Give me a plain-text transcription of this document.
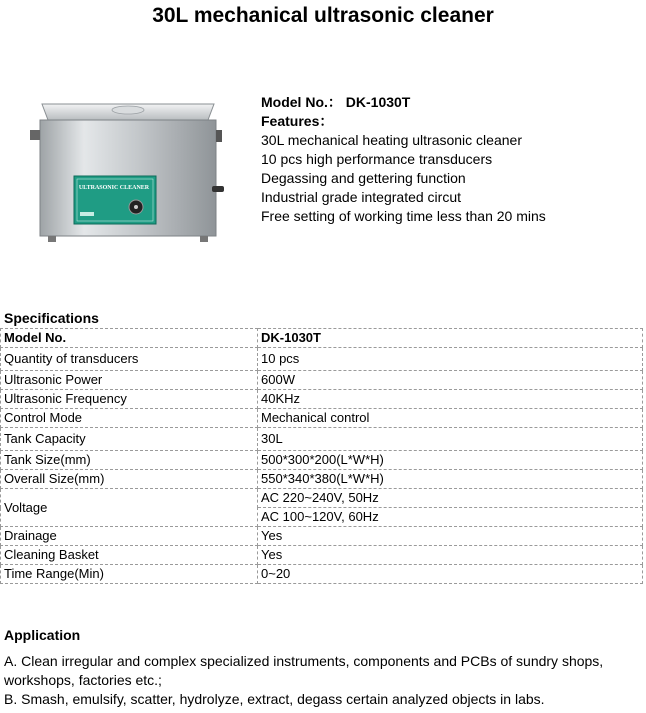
30L mechanical ultrasonic cleaner
ULTRASONIC CLEANER
Model No.： DK-1030T
Features：
30L mechanical heating ultrasonic cleaner
10 pcs high performance transducers
Degassing and gettering function
Industrial grade integrated circut
Free setting of working time less than 20 mins
Specifications
Model No.	DK-1030T
Quantity of transducers	10 pcs
Ultrasonic Power	600W
Ultrasonic Frequency	40KHz
Control Mode	Mechanical control
Tank Capacity	30L
Tank Size(mm)	500*300*200(L*W*H)
Overall Size(mm)	550*340*380(L*W*H)
Voltage	AC 220~240V, 50Hz
	AC 100~120V, 60Hz
Drainage	Yes
Cleaning Basket	Yes
Time Range(Min)	0~20
Application
A. Clean irregular and complex specialized instruments, components and PCBs of sundry shops, workshops, factories etc.;
B. Smash, emulsify, scatter, hydrolyze, extract, degass certain analyzed objects in labs.
